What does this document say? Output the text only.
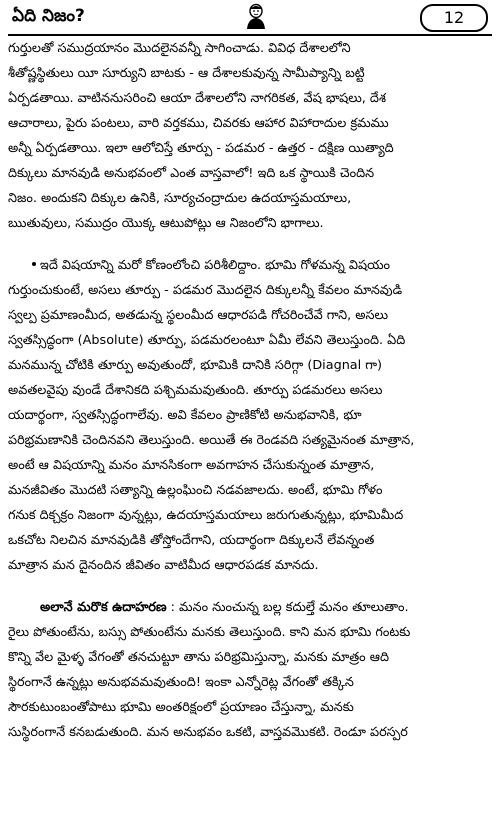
ఏది నిజం?	12
గుర్తులతో సముద్రయానం మొదలైనవన్నీ సాగించాడు. వివిధ దేశాలలోని
శీతోష్ణస్థితులు యీ సూర్యుని బాటకు - ఆ దేశాలకువున్న సామీప్యాన్ని బట్టి
ఏర్పడతాయి. వాటిననుసరించి ఆయా దేశాలలోని నాగరికత, వేష భాషలు, దేశ
ఆచారాలు, పైరు పంటలు, వారి వర్తకము, చివరకు ఆహార విహారాదుల క్రమము
అన్నీ ఏర్పడతాయి. ఇలా ఆలోచిస్తే తూర్పు - పడమర - ఉత్తర - దక్షిణ యిత్యాది
దిక్కులు మానవుడి అనుభవంలో ఎంత వాస్తవాలో! ఇది ఒక స్థాయికి చెందిన
నిజం. అందుకని దిక్కుల ఉనికి, సూర్యచంద్రాదుల ఉదయాస్తమయాలు,
ఋతువులు, సముద్రం యొక్క ఆటుపోట్లు ఆ నిజంలోని భాగాలు.
ఇదే విషయాన్ని మరో కోణంలోంచి పరిశీలిద్దాం. భూమి గోళమన్న విషయం
గుర్తుంచుకుంటే, అసలు తూర్పు - పడమర మొదలైన దిక్కులన్నీ కేవలం మానవుడి
స్వల్ప ప్రమాణంమీద, అతడున్న స్థలంమీద ఆధారపడి గోచరించేవే గాని, అసలు
స్వతస్సిద్ధంగా (Absolute) తూర్పు, పడమరలంటూ ఏమీ లేవని తెలుస్తుంది. ఏది
మనమున్న చోటికి తూర్పు అవుతుందో, భూమికి దానికి సరిగ్గా (Diagnal గా)
అవతలవైపు వుండే దేశానికది పశ్చిమమవుతుంది. తూర్పు పడమరలు అసలు
యదార్థంగా, స్వతస్సిద్ధంగాలేవు. అవి కేవలం ప్రాణికోటి అనుభవానికి, భూ
పరిభ్రమణానికి చెందినవని తెలుస్తుంది. అయితే ఈ రెండవది సత్యమైనంత మాత్రాన,
అంటే ఆ విషయాన్ని మనం మానసికంగా అవగాహన చేసుకున్నంత మాత్రాన,
మనజీవితం మొదటి సత్యాన్ని ఉల్లంఘించి నడవజాలదు. అంటే, భూమి గోళం
గనుక దిక్చక్రం నిజంగా వున్నట్లు, ఉదయాస్తమయాలు జరుగుతున్నట్లు, భూమిమీద
ఒకచోట నిలచిన మానవుడికి తోస్తోందేగాని, యదార్థంగా దిక్కులనే లేవన్నంత
మాత్రాన మన దైనందిన జీవితం వాటిమీద ఆధారపడక మానదు.
అలానే మరొక ఉదాహరణ : మనం నుంచున్న బల్ల కదుల్తే మనం తూలుతాం.
రైలు పోతుంటేను, బస్సు పోతుంటేను మనకు తెలుస్తుంది. కాని మన భూమి గంటకు
కొన్ని వేల మైళ్ళ వేగంతో తనచుట్టూ తాను పరిభ్రమిస్తున్నా, మనకు మాత్రం ఆది
స్థిరంగానే ఉన్నట్లు అనుభవమవుతుంది! ఇంకా ఎన్నోరెట్ల వేగంతో తక్కిన
సౌరకుటుంబంతోపాటు భూమి అంతరిక్షంలో ప్రయాణం చేస్తున్నా, మనకు
సుస్థిరంగానే కనబడుతుంది. మన అనుభవం ఒకటి, వాస్తవమొకటి. రెండూ పరస్పర
